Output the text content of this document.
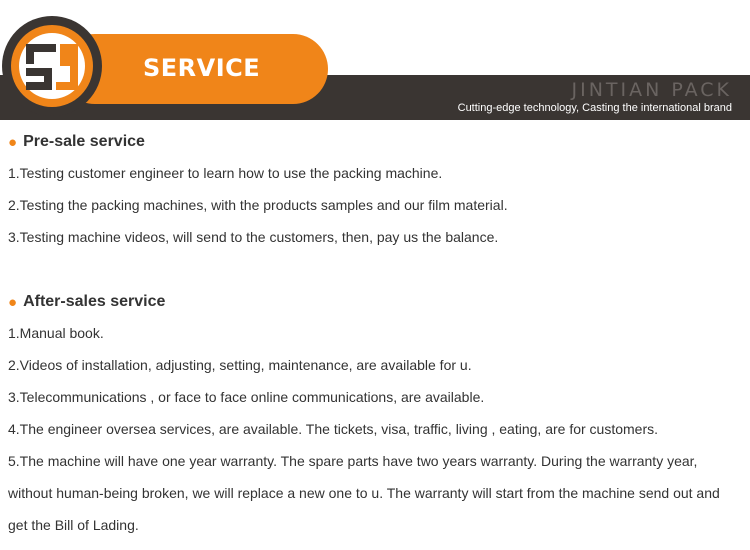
SERVICE
JINTIAN PACK
Cutting-edge technology, Casting the international brand
● Pre-sale service
1.Testing customer engineer to learn how to use the packing machine.
2.Testing the packing machines, with the products samples and our film material.
3.Testing machine videos, will send to the customers, then, pay us the balance.
● After-sales service
1.Manual book.
2.Videos of installation, adjusting, setting, maintenance, are available for u.
3.Telecommunications , or face to face online communications, are available.
4.The engineer oversea services, are available. The tickets, visa, traffic, living , eating, are for customers.
5.The machine will have one year warranty. The spare parts have two years warranty. During the warranty year,
without human-being broken, we will replace a new one to u. The warranty will start from the machine send out and
get the Bill of Lading.
